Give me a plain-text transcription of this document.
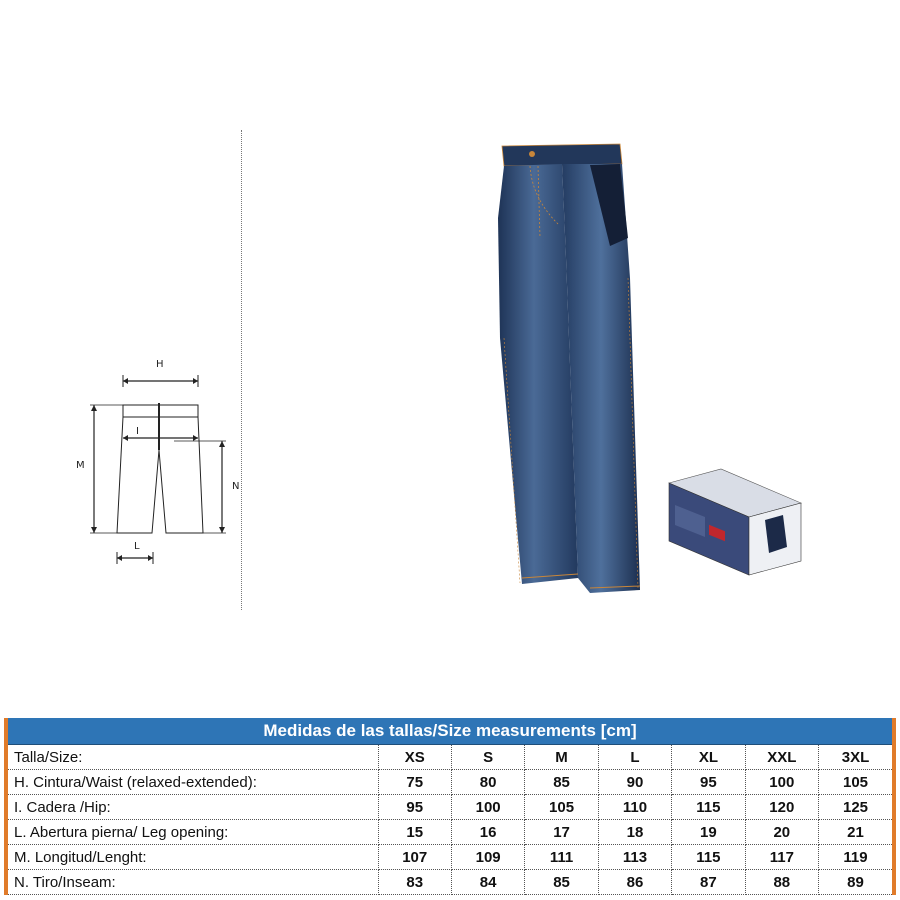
H
I
M
N
L
Medidas de las tallas/Size measurements [cm]							
Talla/Size:	XS	S	M	L	XL	XXL	3XL
H. Cintura/Waist (relaxed-extended):	75	80	85	90	95	100	105
I. Cadera /Hip:	95	100	105	110	115	120	125
L. Abertura pierna/ Leg opening:	15	16	17	18	19	20	21
M. Longitud/Lenght:	107	109	111	113	115	117	119
N. Tiro/Inseam:	83	84	85	86	87	88	89
